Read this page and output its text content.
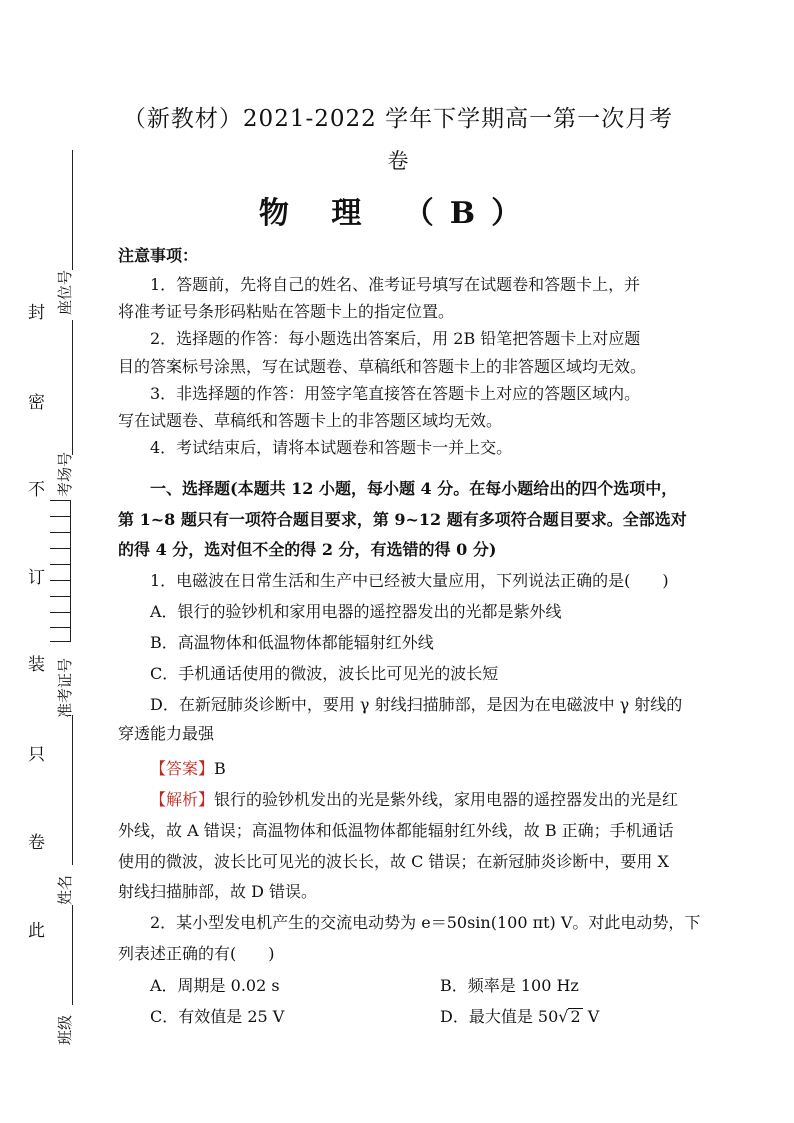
（新教材）2021-2022 学年下学期高一第一次月考
卷
物 理 （B）
封
密
不
订
装
只
卷
此
座位号
考场号
准考证号
姓名
班级
注意事项：
1．答题前，先将自己的姓名、准考证号填写在试题卷和答题卡上，并
将准考证号条形码粘贴在答题卡上的指定位置。
2．选择题的作答：每小题选出答案后，用 2B 铅笔把答题卡上对应题
目的答案标号涂黑，写在试题卷、草稿纸和答题卡上的非答题区域均无效。
3．非选择题的作答：用签字笔直接答在答题卡上对应的答题区域内。
写在试题卷、草稿纸和答题卡上的非答题区域均无效。
4．考试结束后，请将本试题卷和答题卡一并上交。
一、选择题(本题共 12 小题，每小题 4 分。在每小题给出的四个选项中，
第 1~8 题只有一项符合题目要求，第 9~12 题有多项符合题目要求。全部选对
的得 4 分，选对但不全的得 2 分，有选错的得 0 分)
1．电磁波在日常生活和生产中已经被大量应用，下列说法正确的是(　　)
A．银行的验钞机和家用电器的遥控器发出的光都是紫外线
B．高温物体和低温物体都能辐射红外线
C．手机通话使用的微波，波长比可见光的波长短
D．在新冠肺炎诊断中，要用 γ 射线扫描肺部，是因为在电磁波中 γ 射线的
穿透能力最强
【答案】B
【解析】银行的验钞机发出的光是紫外线，家用电器的遥控器发出的光是红
外线，故 A 错误；高温物体和低温物体都能辐射红外线，故 B 正确；手机通话
使用的微波，波长比可见光的波长长，故 C 错误；在新冠肺炎诊断中，要用 X
射线扫描肺部，故 D 错误。
2．某小型发电机产生的交流电动势为 e＝50sin(100 πt) V。对此电动势，下
列表述正确的有(　　)
A．周期是 0.02 s	B．频率是 100 Hz
C．有效值是 25 V	D．最大值是 50√ 2 V
